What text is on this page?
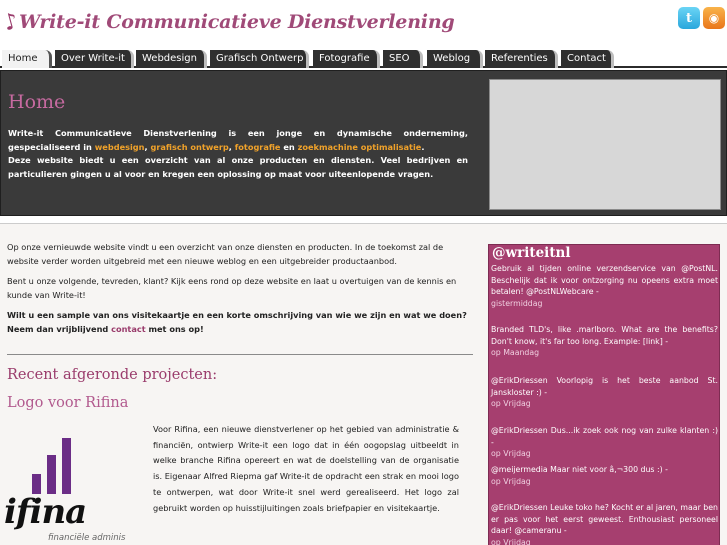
♪
Write-it Communicatieve Dienstverlening	t	◉
Home	Over Write-it	Webdesign	Grafisch Ontwerp	Fotografie	SEO	Weblog	Referenties	Contact
Home
Write-it Communicatieve Dienstverlening is een jonge en dynamische onderneming, gespecialiseerd in webdesign, grafisch ontwerp, fotografie en zoekmachine optimalisatie.
Deze website biedt u een overzicht van al onze producten en diensten. Veel bedrijven en particulieren gingen u al voor en kregen een oplossing op maat voor uiteenlopende vragen.

Op onze vernieuwde website vindt u een overzicht van onze diensten en producten. In de toekomst zal de website verder worden uitgebreid met een nieuwe weblog en een uitgebreider productaanbod.

Bent u onze volgende, tevreden, klant? Kijk eens rond op deze website en laat u overtuigen van de kennis en kunde van Write-it!

Wilt u een sample van ons visitekaartje en een korte omschrijving van wie we zijn en wat we doen? Neem dan vrijblijvend contact met ons op!

Recent afgeronde projecten:
Logo voor Rifina
ifina
financiële adminis
Voor Rifina, een nieuwe dienstverlener op het gebied van administratie & financiën, ontwierp Write-it een logo dat in één oogopslag uitbeeldt in welke branche Rifina opereert en wat de doelstelling van de organisatie is. Eigenaar Alfred Riepma gaf Write-it de opdracht een strak en mooi logo te ontwerpen, wat door Write-it snel werd gerealiseerd. Het logo zal gebruikt worden op huisstijluitingen zoals briefpapier en visitekaartje.
@writeitnl
Gebruik al tijden online verzendservice van @PostNL. Beschelijk dat ik voor ontzorging nu opeens extra moet betalen! @PostNLWebcare -
gistermiddag
Branded TLD's, like .marlboro. What are the benefits? Don't know, it's far too long. Example: [link] -
op Maandag
@ErikDriessen Voorlopig is het beste aanbod St. Janskloster :) -
op Vrijdag
@ErikDriessen Dus...ik zoek ook nog van zulke klanten :) -
op Vrijdag
@meijermedia Maar niet voor â‚¬300 dus :) -
op Vrijdag
@ErikDriessen Leuke toko he? Kocht er al jaren, maar ben er pas voor het eerst geweest. Enthousiast personeel daar! @cameranu -
op Vrijdag
